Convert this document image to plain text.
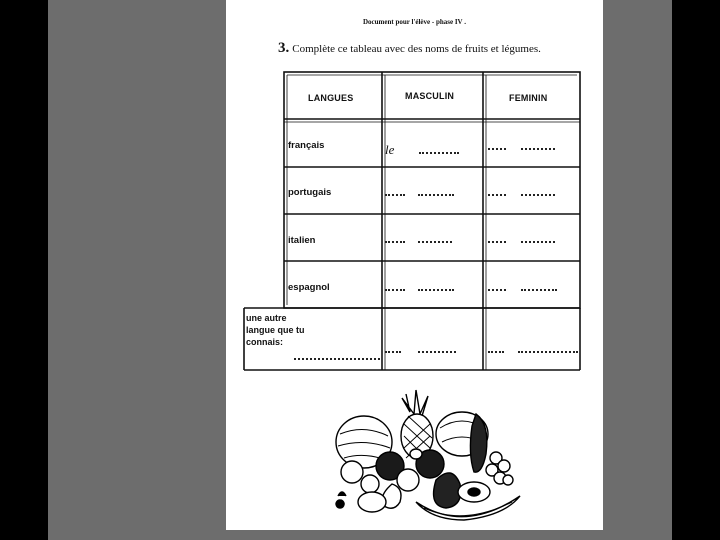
Document pour l'élève - phase IV .
3. Complète ce tableau avec des noms de fruits et légumes.
LANGUES	MASCULIN	FEMININ
français
portugais
italien
espagnol
une autre
langue que tu
connais:
le
